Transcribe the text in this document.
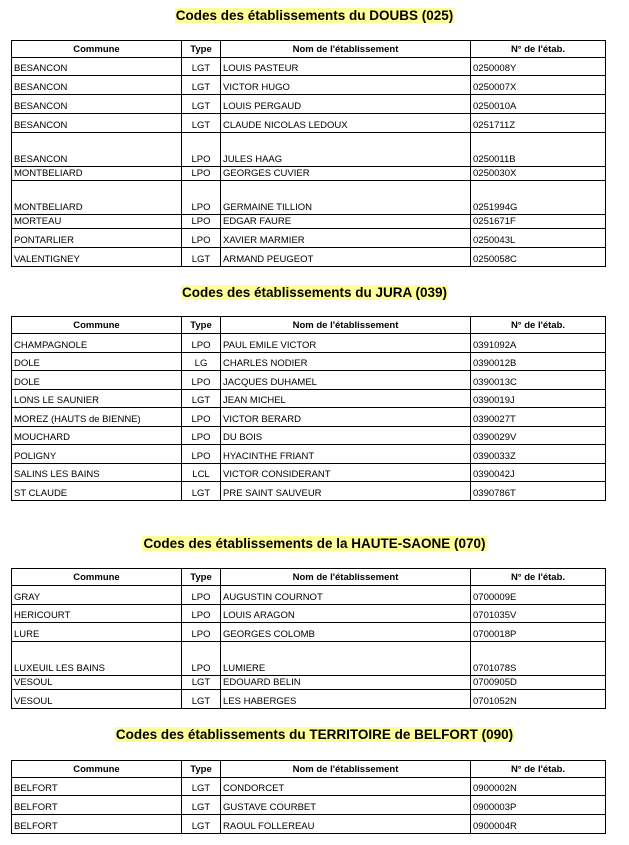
Codes des établissements du DOUBS (025)
Commune	Type	Nom de l'établissement	N° de l'étab.
BESANCON	LGT	LOUIS PASTEUR	0250008Y
BESANCON	LGT	VICTOR HUGO	0250007X
BESANCON	LGT	LOUIS PERGAUD	0250010A
BESANCON	LGT	CLAUDE NICOLAS LEDOUX	0251711Z
BESANCON	LPO	JULES HAAG	0250011B
MONTBELIARD	LPO	GEORGES CUVIER	0250030X
MONTBELIARD	LPO	GERMAINE TILLION	0251994G
MORTEAU	LPO	EDGAR FAURE	0251671F
PONTARLIER	LPO	XAVIER MARMIER	0250043L
VALENTIGNEY	LGT	ARMAND PEUGEOT	0250058C
Codes des établissements du JURA (039)
Commune	Type	Nom de l'établissement	N° de l'étab.
CHAMPAGNOLE	LPO	PAUL EMILE VICTOR	0391092A
DOLE	LG	CHARLES NODIER	0390012B
DOLE	LPO	JACQUES DUHAMEL	0390013C
LONS LE SAUNIER	LGT	JEAN MICHEL	0390019J
MOREZ (HAUTS de BIENNE)	LPO	VICTOR BERARD	0390027T
MOUCHARD	LPO	DU BOIS	0390029V
POLIGNY	LPO	HYACINTHE FRIANT	0390033Z
SALINS LES BAINS	LCL	VICTOR CONSIDERANT	0390042J
ST CLAUDE	LGT	PRE SAINT SAUVEUR	0390786T
Codes des établissements de la HAUTE-SAONE (070)
Commune	Type	Nom de l'établissement	N° de l'étab.
GRAY	LPO	AUGUSTIN COURNOT	0700009E
HERICOURT	LPO	LOUIS ARAGON	0701035V
LURE	LPO	GEORGES COLOMB	0700018P
LUXEUIL LES BAINS	LPO	LUMIERE	0701078S
VESOUL	LGT	EDOUARD BELIN	0700905D
VESOUL	LGT	LES HABERGES	0701052N
Codes des établissements du TERRITOIRE de BELFORT (090)
Commune	Type	Nom de l'établissement	N° de l'étab.
BELFORT	LGT	CONDORCET	0900002N
BELFORT	LGT	GUSTAVE COURBET	0900003P
BELFORT	LGT	RAOUL FOLLEREAU	0900004R
